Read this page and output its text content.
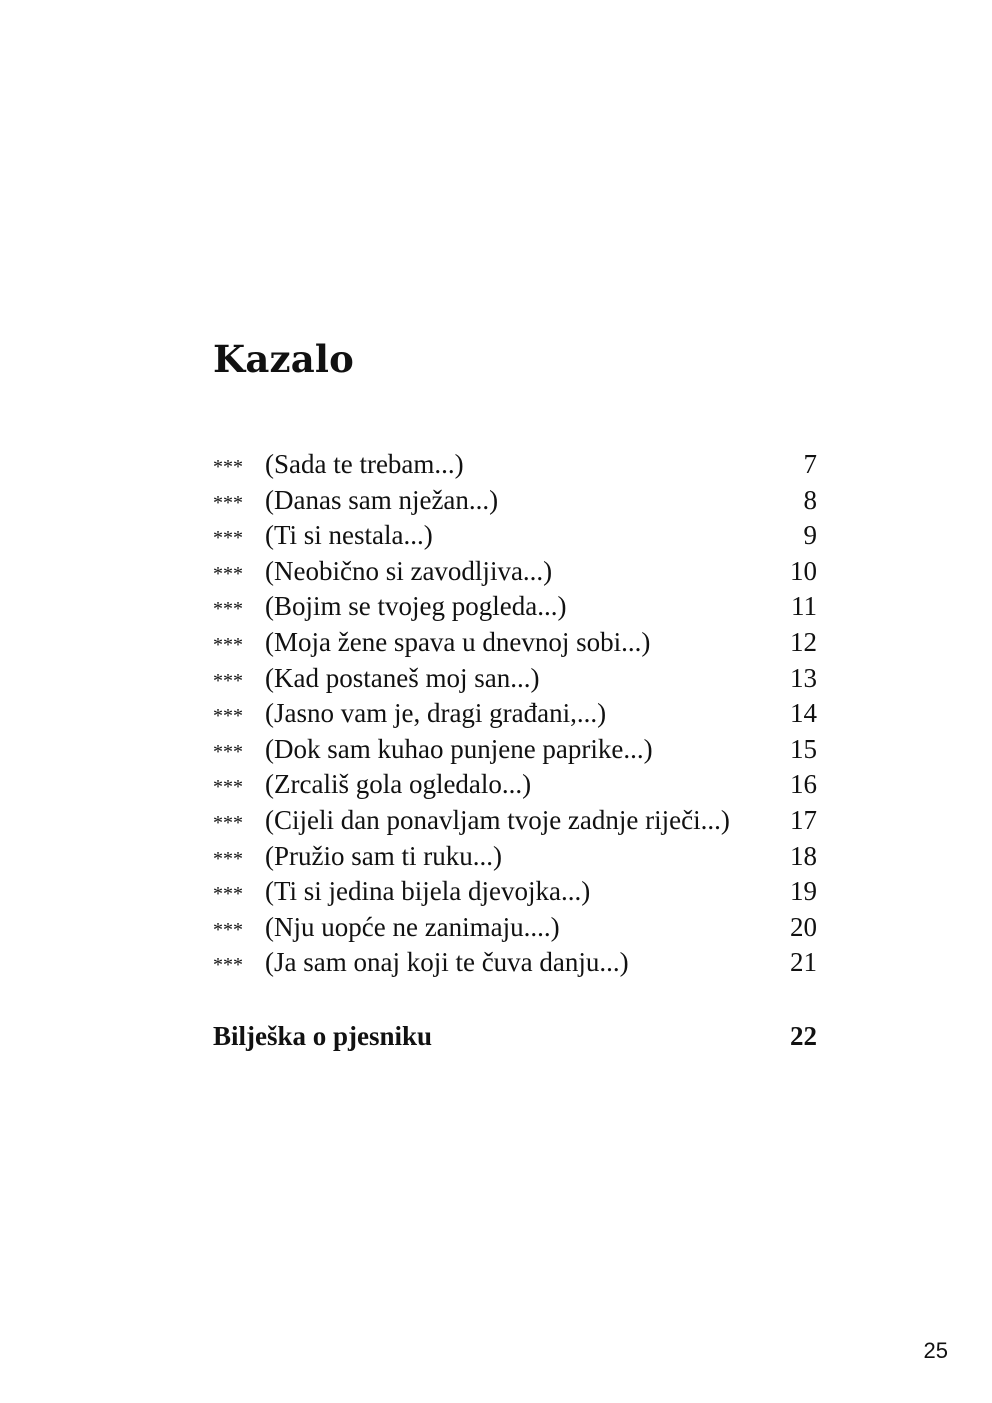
Kazalo
*** (Sada te trebam...)	7
*** (Danas sam nježan...)	8
*** (Ti si nestala...)	9
*** (Neobično si zavodljiva...)	10
*** (Bojim se tvojeg pogleda...)	11
*** (Moja žene spava u dnevnoj sobi...)	12
*** (Kad postaneš moj san...)	13
*** (Jasno vam je, dragi građani,...)	14
*** (Dok sam kuhao punjene paprike...)	15
*** (Zrcališ gola ogledalo...)	16
*** (Cijeli dan ponavljam tvoje zadnje riječi...)	17
*** (Pružio sam ti ruku...)	18
*** (Ti si jedina bijela djevojka...)	19
*** (Nju uopće ne zanimaju....)	20
*** (Ja sam onaj koji te čuva danju...)	21
Bilješka o pjesniku	22
25
